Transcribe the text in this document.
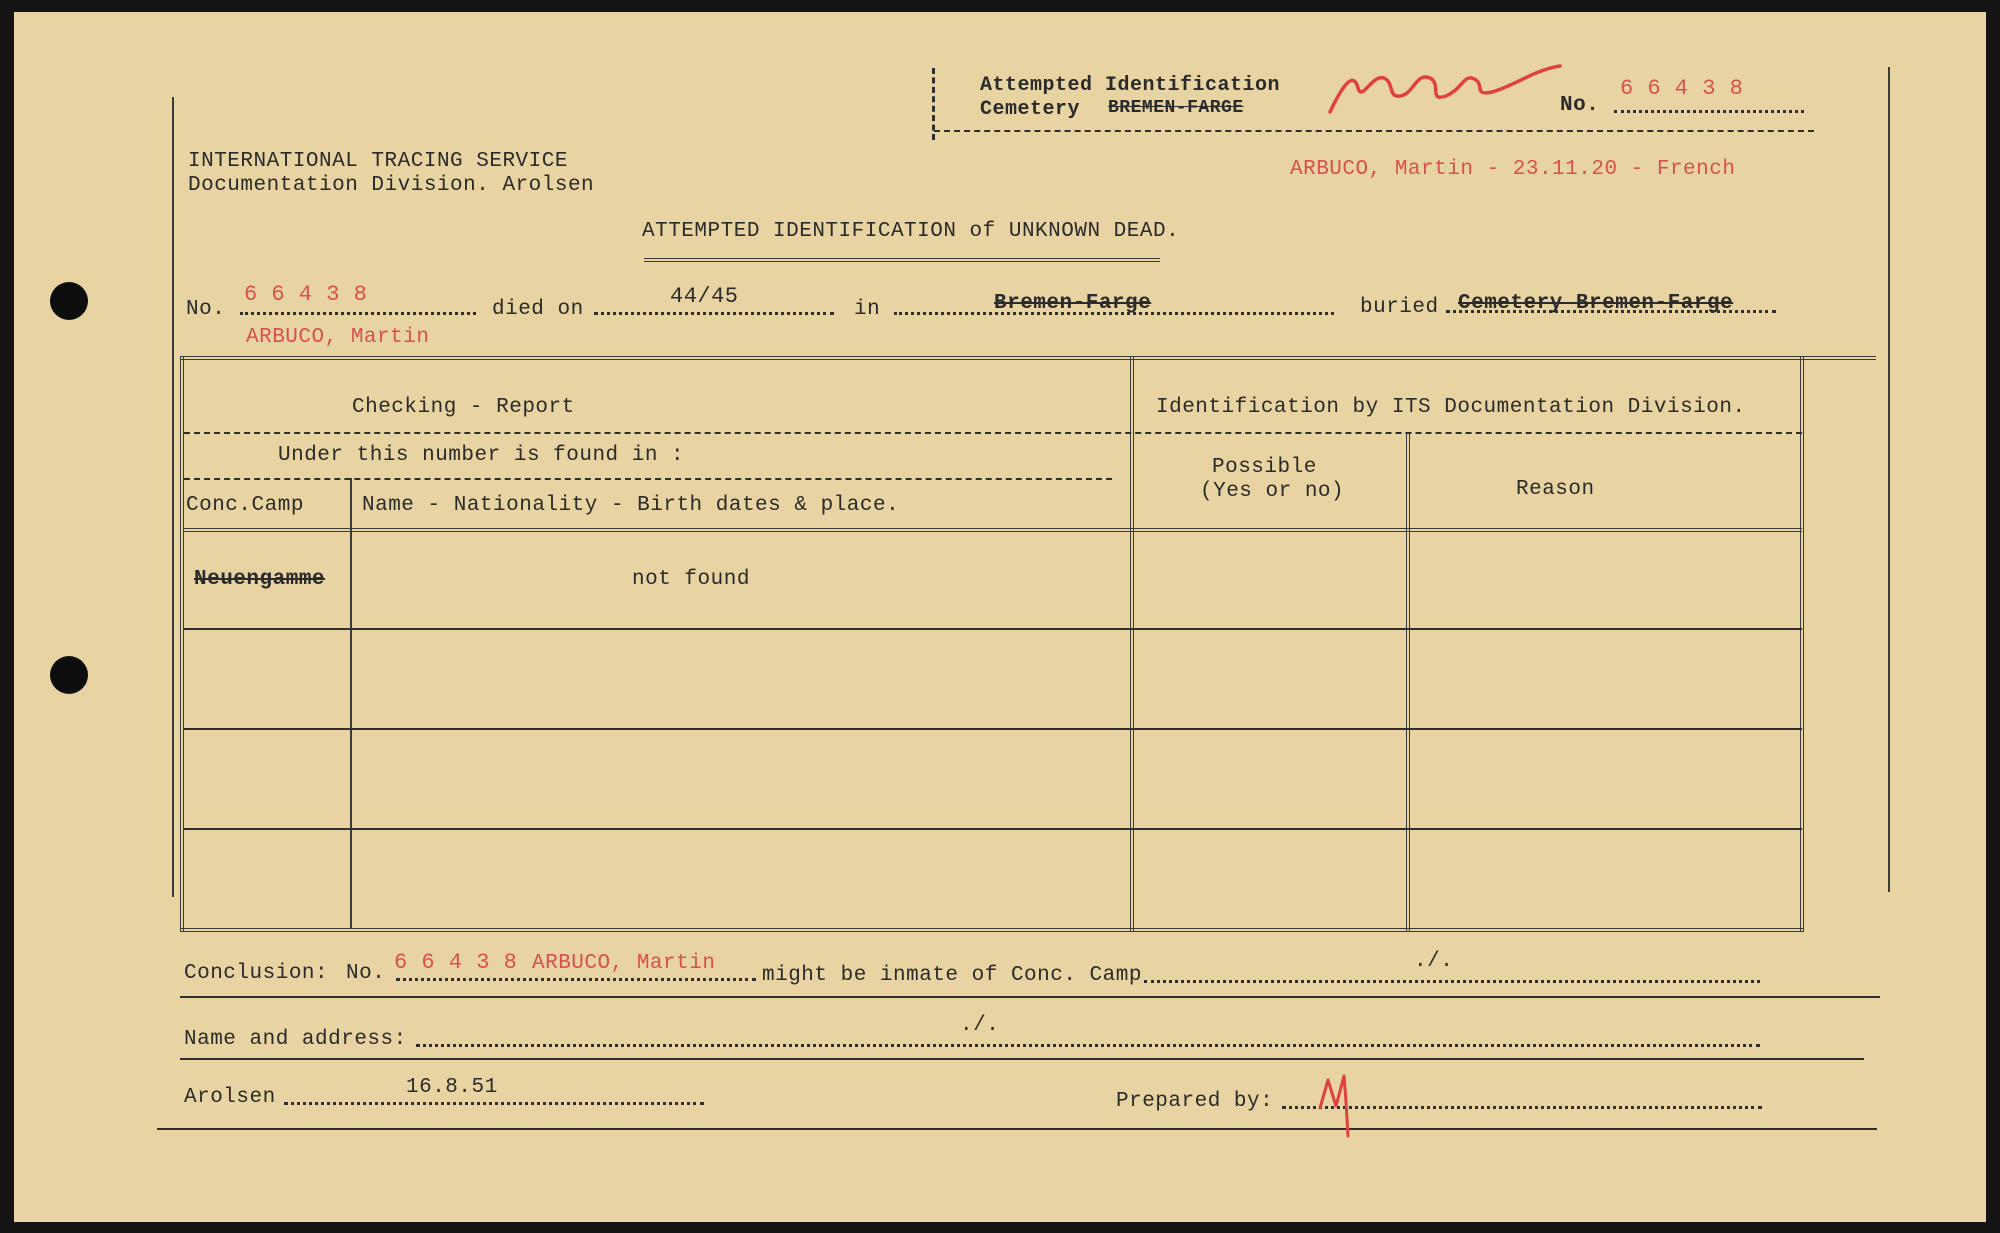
Attempted Identification
Cemetery BREMEN-FARGE	No.
6 6 4 3 8
INTERNATIONAL TRACING SERVICE
Documentation Division. Arolsen
ARBUCO, Martin - 23.11.20 - French
ATTEMPTED IDENTIFICATION of UNKNOWN DEAD.
No.
6 6 4 3 8
died on
44/45
in	Bremen-Farge	buried Cemetery Bremen-Farge
ARBUCO, Martin
Checking - Report	Identification by ITS Documentation Division.
Under this number is found in :
Conc.Camp	Name - Nationality - Birth dates & place.
Possible
(Yes or no)	Reason
Neuengamme	not found
Conclusion: No. 6 6 4 3 8 ARBUCO, Martin
might be inmate of Conc. Camp
./.
Name and address:
./.
Arolsen	16.8.51
Prepared by:
